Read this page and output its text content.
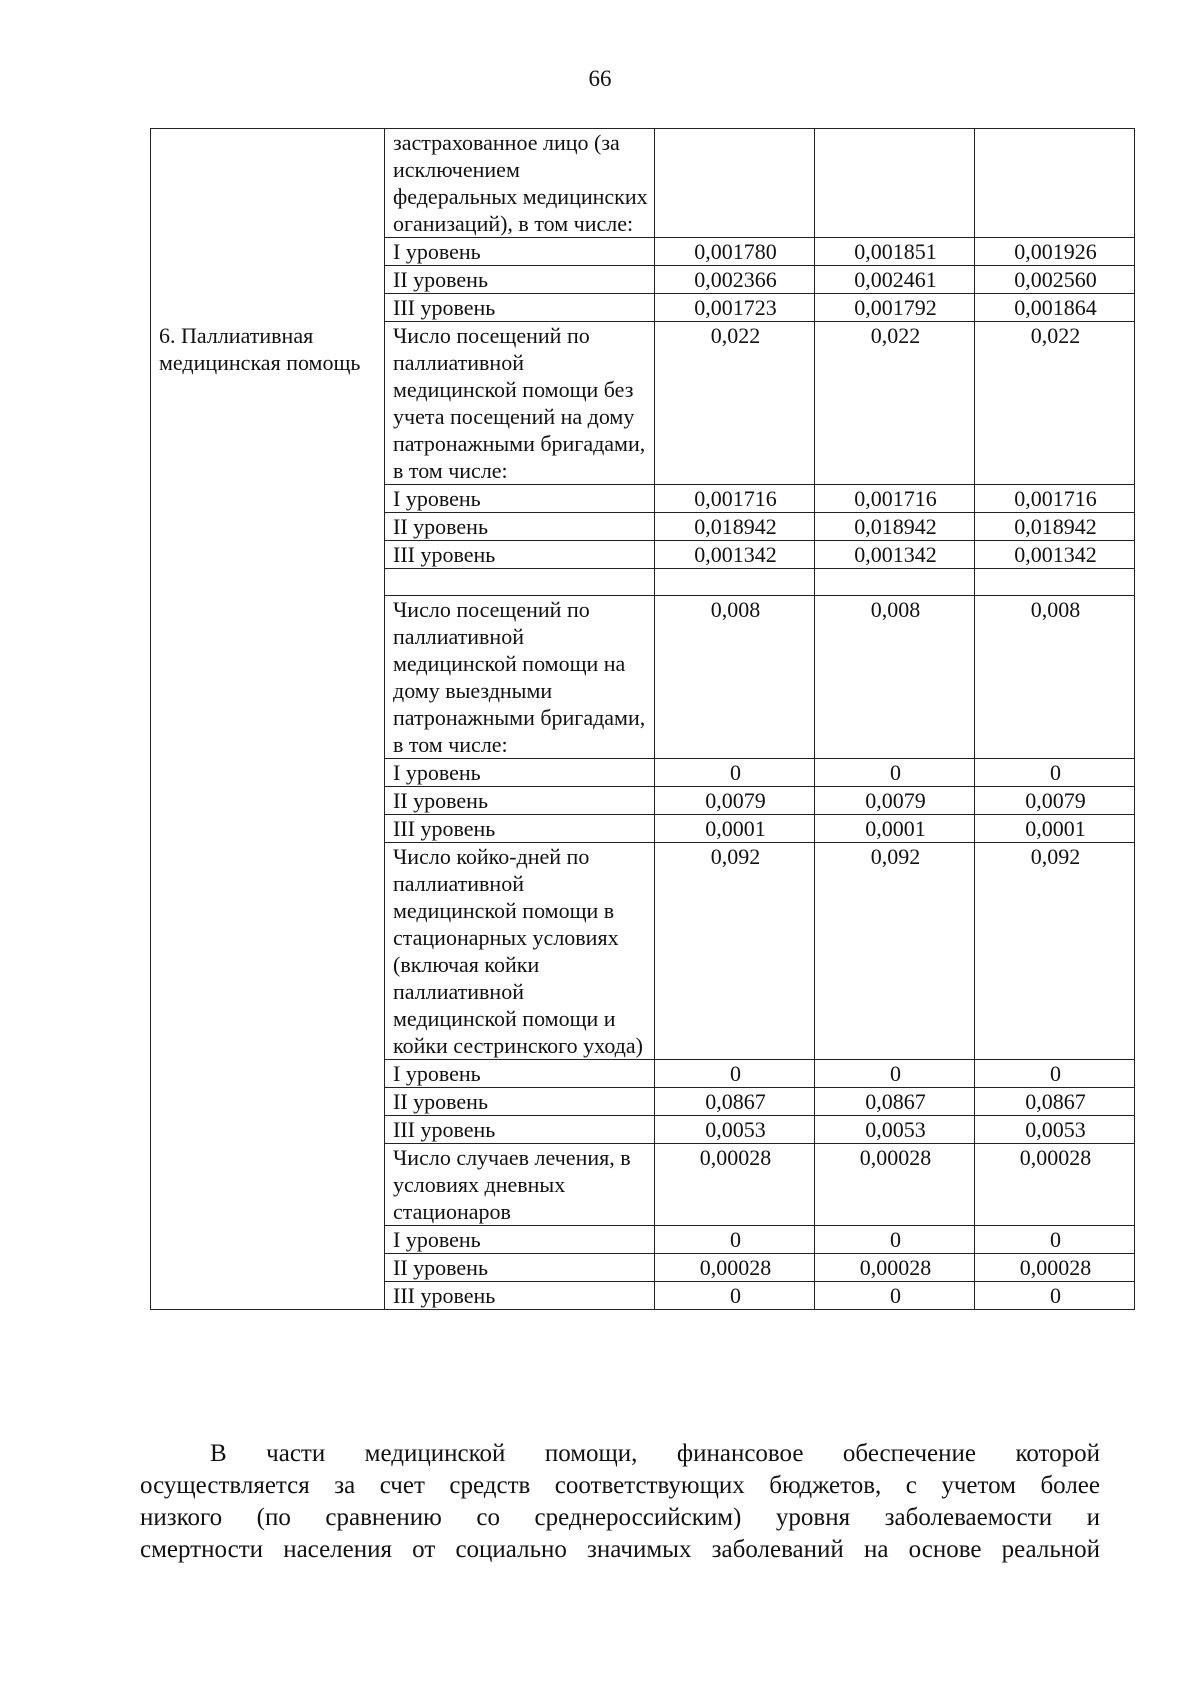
66
	застрахованное лицо (за исключением федеральных медицинских оганизаций), в том числе:			
	I уровень	0,001780	0,001851	0,001926
	II уровень	0,002366	0,002461	0,002560
	III уровень	0,001723	0,001792	0,001864
6. Паллиативная медицинская помощь	Число посещений по паллиативной медицинской помощи без учета посещений на дому патронажными бригадами, в том числе:	0,022	0,022	0,022
	I уровень	0,001716	0,001716	0,001716
	II уровень	0,018942	0,018942	0,018942
	III уровень	0,001342	0,001342	0,001342

	Число посещений по паллиативной медицинской помощи на дому выездными патронажными бригадами, в том числе:	0,008	0,008	0,008
	I уровень	0	0	0
	II уровень	0,0079	0,0079	0,0079
	III уровень	0,0001	0,0001	0,0001
	Число койко-дней по паллиативной медицинской помощи в стационарных условиях (включая койки паллиативной медицинской помощи и койки сестринского ухода)	0,092	0,092	0,092
	I уровень	0	0	0
	II уровень	0,0867	0,0867	0,0867
	III уровень	0,0053	0,0053	0,0053
	Число случаев лечения, в условиях дневных стационаров	0,00028	0,00028	0,00028
	I уровень	0	0	0
	II уровень	0,00028	0,00028	0,00028
	III уровень	0	0	0
В части медицинской помощи, финансовое обеспечение которой
осуществляется за счет средств соответствующих бюджетов, с учетом более
низкого (по сравнению со среднероссийским) уровня заболеваемости и
смертности населения от социально значимых заболеваний на основе реальной
